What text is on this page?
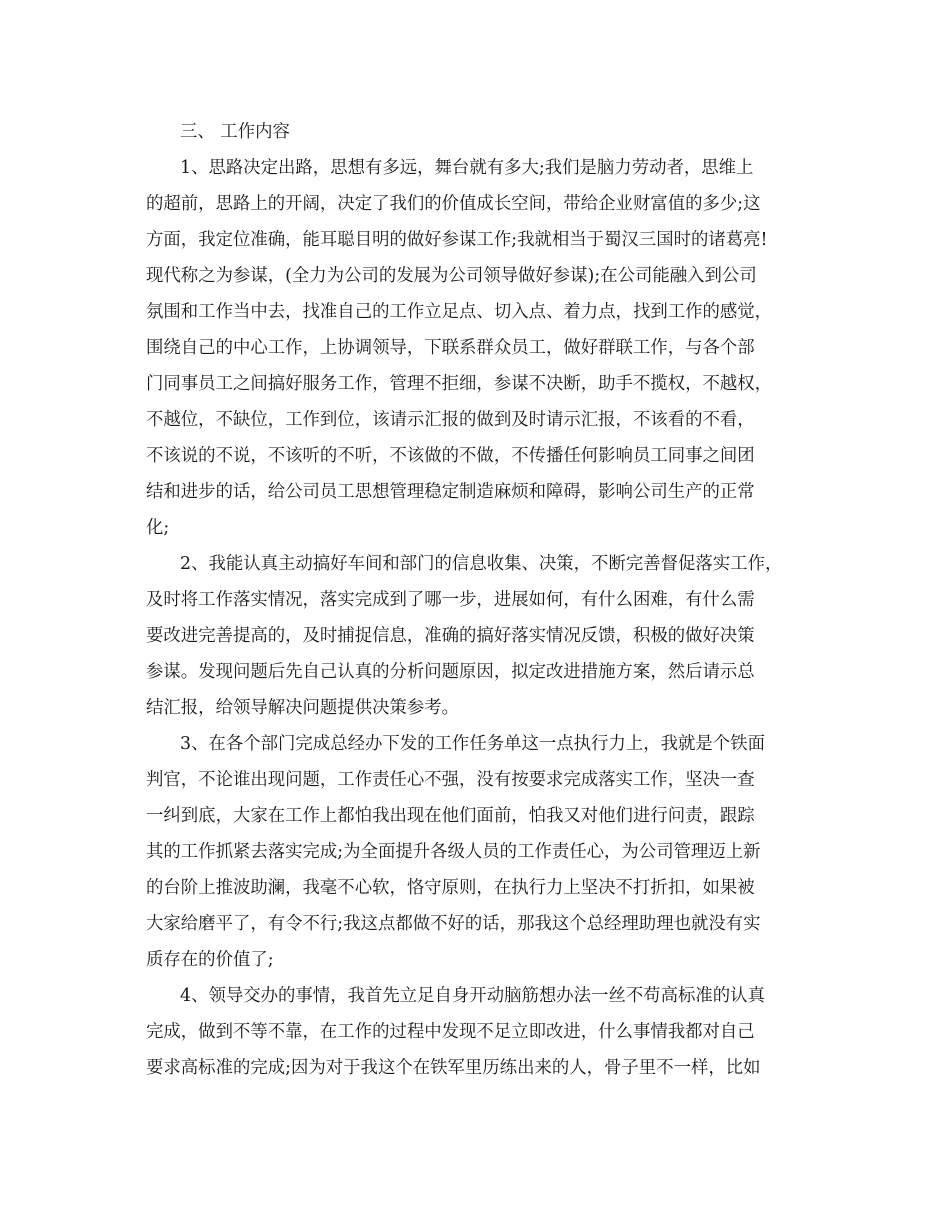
三、 工作内容
1、思路决定出路，思想有多远，舞台就有多大;我们是脑力劳动者，思维上
的超前，思路上的开阔，决定了我们的价值成长空间，带给企业财富值的多少;这
方面，我定位准确，能耳聪目明的做好参谋工作;我就相当于蜀汉三国时的诸葛亮!
现代称之为参谋，(全力为公司的发展为公司领导做好参谋);在公司能融入到公司
氛围和工作当中去，找准自己的工作立足点、切入点、着力点，找到工作的感觉，
围绕自己的中心工作，上协调领导，下联系群众员工，做好群联工作，与各个部
门同事员工之间搞好服务工作，管理不拒细，参谋不决断，助手不揽权，不越权，
不越位，不缺位，工作到位，该请示汇报的做到及时请示汇报，不该看的不看，
不该说的不说，不该听的不听，不该做的不做，不传播任何影响员工同事之间团
结和进步的话，给公司员工思想管理稳定制造麻烦和障碍，影响公司生产的正常
化;
2、我能认真主动搞好车间和部门的信息收集、决策，不断完善督促落实工作，
及时将工作落实情况，落实完成到了哪一步，进展如何，有什么困难，有什么需
要改进完善提高的，及时捕捉信息，准确的搞好落实情况反馈，积极的做好决策
参谋。发现问题后先自己认真的分析问题原因，拟定改进措施方案，然后请示总
结汇报，给领导解决问题提供决策参考。
3、在各个部门完成总经办下发的工作任务单这一点执行力上，我就是个铁面
判官，不论谁出现问题，工作责任心不强，没有按要求完成落实工作，坚决一查
一纠到底，大家在工作上都怕我出现在他们面前，怕我又对他们进行问责，跟踪
其的工作抓紧去落实完成;为全面提升各级人员的工作责任心，为公司管理迈上新
的台阶上推波助澜，我毫不心软，恪守原则，在执行力上坚决不打折扣，如果被
大家给磨平了，有令不行;我这点都做不好的话，那我这个总经理助理也就没有实
质存在的价值了;
4、领导交办的事情，我首先立足自身开动脑筋想办法一丝不苟高标准的认真
完成，做到不等不靠，在工作的过程中发现不足立即改进，什么事情我都对自己
要求高标准的完成;因为对于我这个在铁军里历练出来的人，骨子里不一样，比如
